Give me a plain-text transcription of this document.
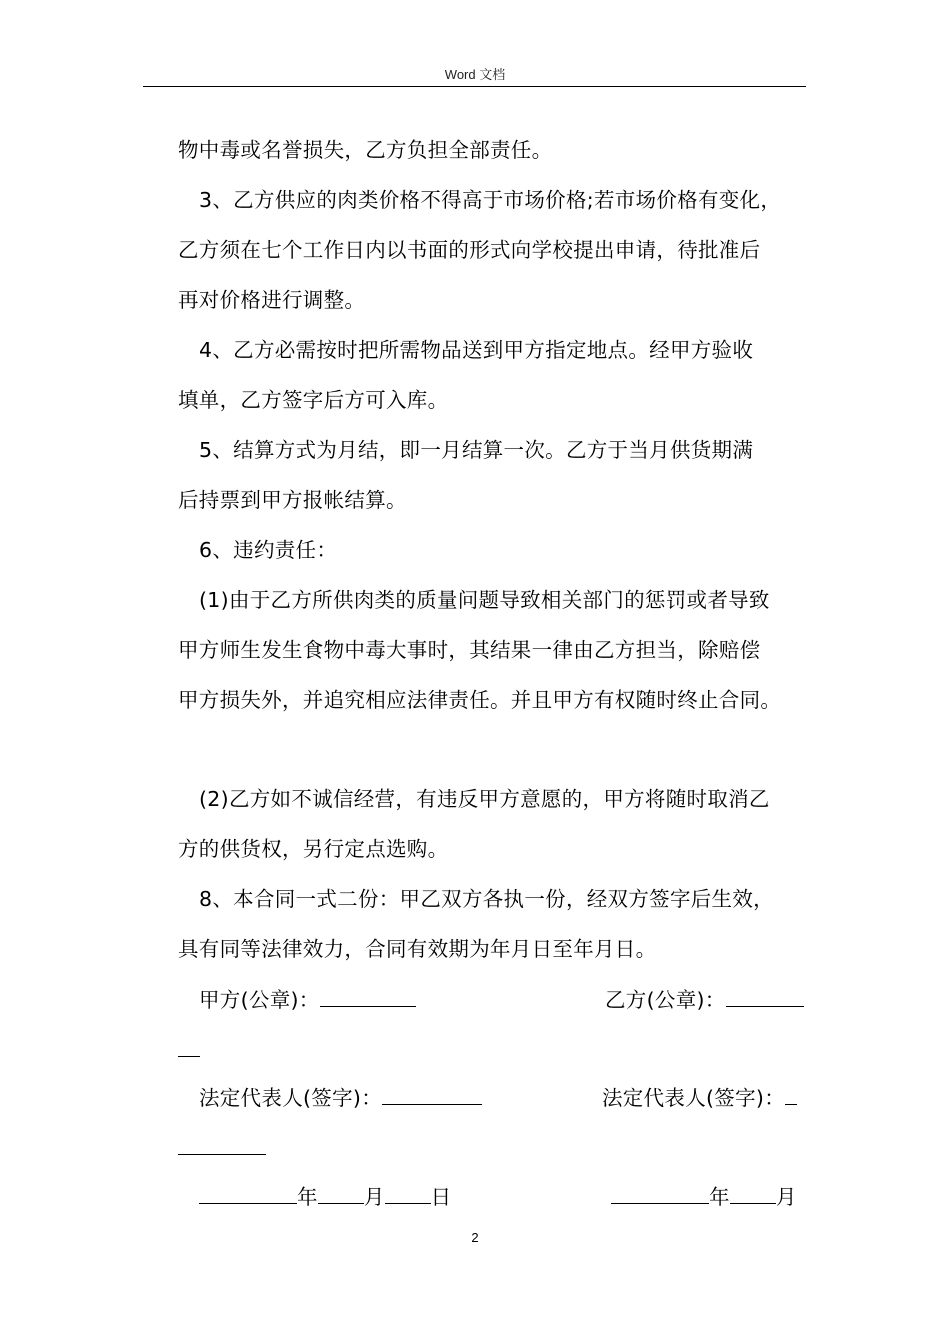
Word 文档
物中毒或名誉损失，乙方负担全部责任。
3、乙方供应的肉类价格不得高于市场价格;若市场价格有变化，
乙方须在七个工作日内以书面的形式向学校提出申请，待批准后
再对价格进行调整。
4、乙方必需按时把所需物品送到甲方指定地点。经甲方验收
填单，乙方签字后方可入库。
5、结算方式为月结，即一月结算一次。乙方于当月供货期满
后持票到甲方报帐结算。
6、违约责任：
(1)由于乙方所供肉类的质量问题导致相关部门的惩罚或者导致
甲方师生发生食物中毒大事时，其结果一律由乙方担当，除赔偿
甲方损失外，并追究相应法律责任。并且甲方有权随时终止合同。
(2)乙方如不诚信经营，有违反甲方意愿的，甲方将随时取消乙
方的供货权，另行定点选购。
8、本合同一式二份：甲乙双方各执一份，经双方签字后生效，
具有同等法律效力，合同有效期为年月日至年月日。
甲方(公章)：	乙方(公章)：
法定代表人(签字)：	法定代表人(签字)：
年 月 日	年 月
2
